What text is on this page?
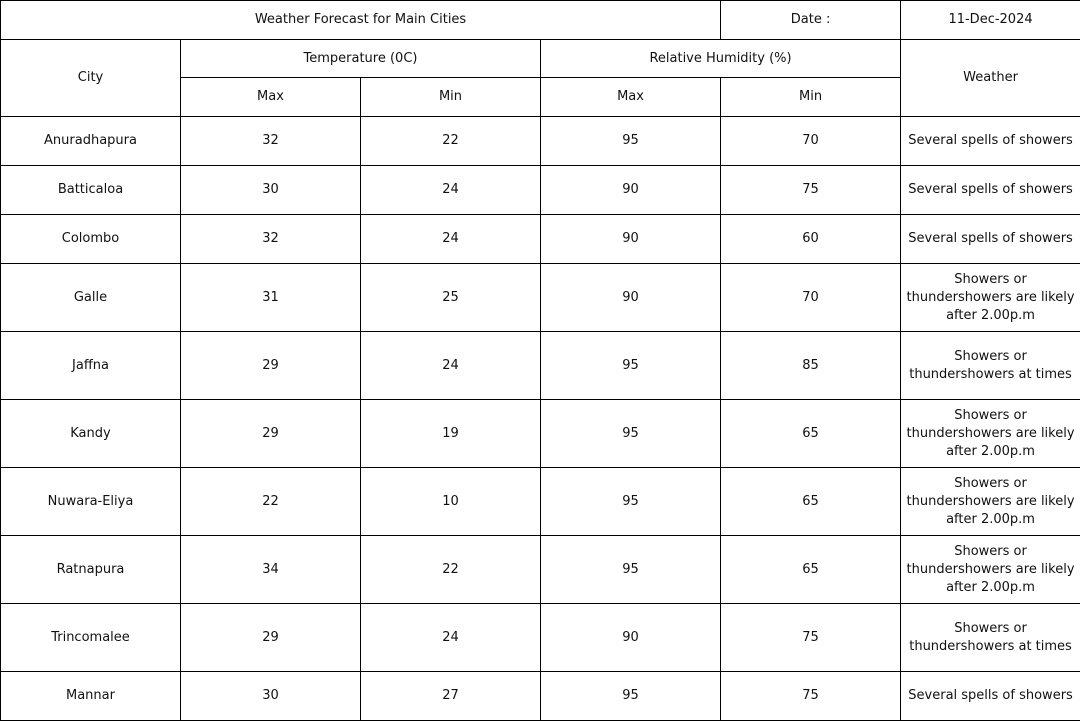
Weather Forecast for Main Cities				Date :	11-Dec-2024
City	Temperature (0C)		Relative Humidity (%)		Weather
	Max	Min	Max	Min	
Anuradhapura	32	22	95	70	Several spells of showers

Batticaloa	30	24	90	75	Several spells of showers

Colombo	32	24	90	60	Several spells of showers

Galle	31	25	90	70	Showers or
thundershowers are likely
after 2.00p.m

Jaffna	29	24	95	85	Showers or
thundershowers at times

Kandy	29	19	95	65	Showers or
thundershowers are likely
after 2.00p.m

Nuwara-Eliya	22	10	95	65	Showers or
thundershowers are likely
after 2.00p.m

Ratnapura	34	22	95	65	Showers or
thundershowers are likely
after 2.00p.m

Trincomalee	29	24	90	75	Showers or
thundershowers at times

Mannar	30	27	95	75	Several spells of showers
